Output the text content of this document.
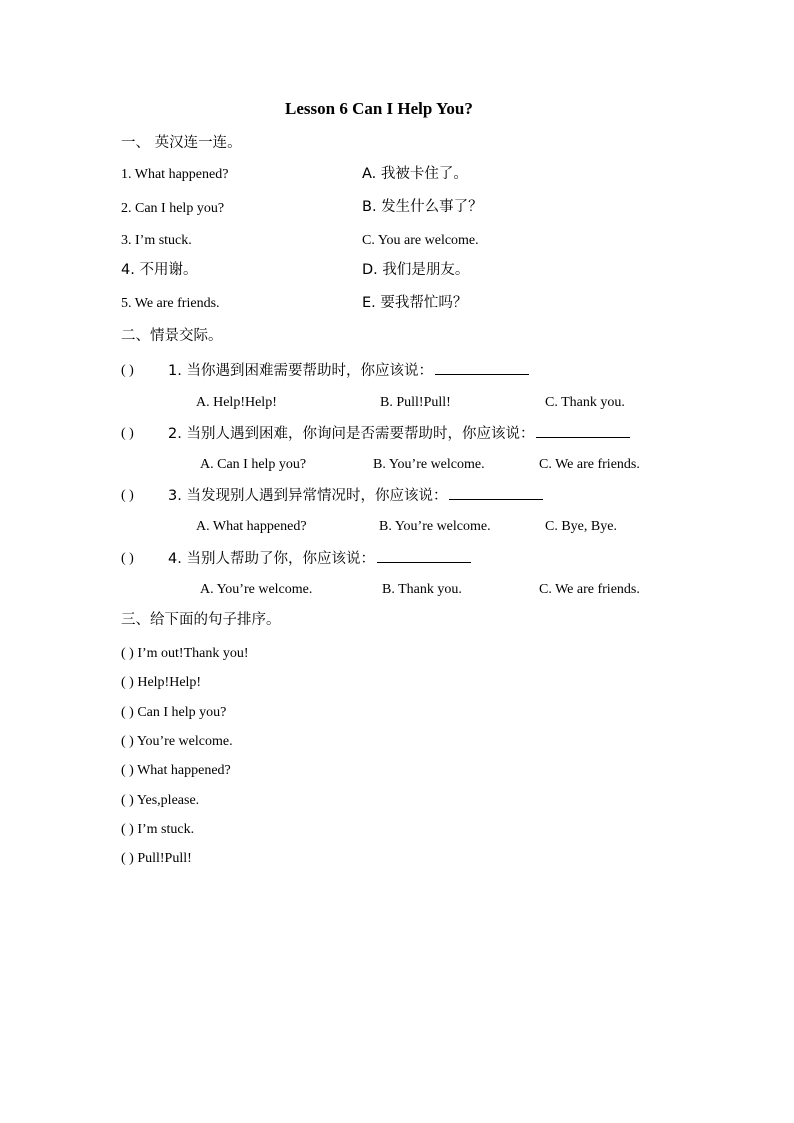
Lesson 6 Can I Help You?
一、 英汉连一连。
1. What happened?	A. 我被卡住了。
2. Can I help you?	B. 发生什么事了？
3. I’m stuck.	C. You are welcome.
4. 不用谢。	D. 我们是朋友。
5. We are friends.	E. 要我帮忙吗？
二、情景交际。
( ) 1. 当你遇到困难需要帮助时，你应该说：
A. Help!Help!	B. Pull!Pull!	C. Thank you.
( ) 2. 当别人遇到困难，你询问是否需要帮助时，你应该说：
A. Can I help you?	B. You’re welcome.	C. We are friends.
( ) 3. 当发现别人遇到异常情况时，你应该说：
A. What happened?	B. You’re welcome.	C. Bye, Bye.
( ) 4. 当别人帮助了你，你应该说：
A. You’re welcome.	B. Thank you.	C. We are friends.
三、给下面的句子排序。
( ) I’m out!Thank you!
( ) Help!Help!
( ) Can I help you?
( ) You’re welcome.
( ) What happened?
( ) Yes,please.
( ) I’m stuck.
( ) Pull!Pull!
